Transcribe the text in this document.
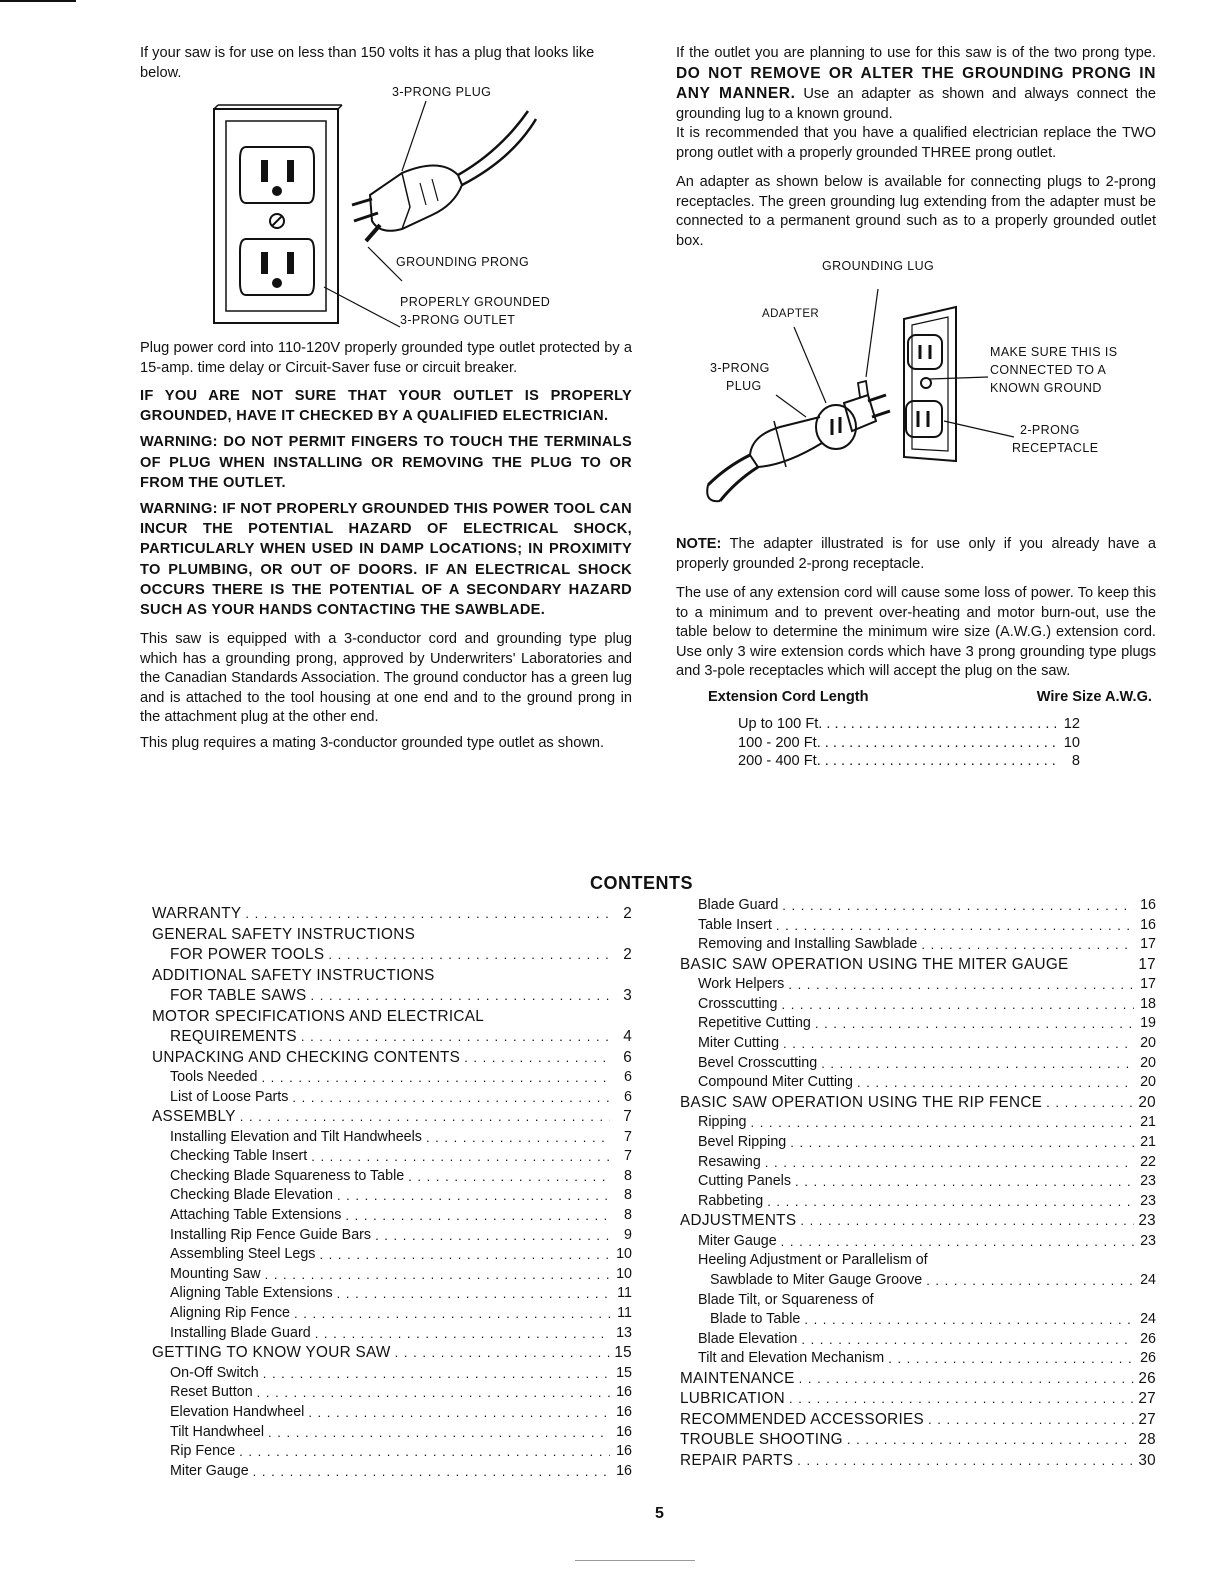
If your saw is for use on less than 150 volts it has a plug that looks like below.

3-PRONG PLUG
GROUNDING PRONG
PROPERLY GROUNDED
3-PRONG OUTLET

Plug power cord into 110-120V properly grounded type outlet protected by a 15-amp. time delay or Circuit-Saver fuse or circuit breaker.

IF YOU ARE NOT SURE THAT YOUR OUTLET IS PROPERLY GROUNDED, HAVE IT CHECKED BY A QUALIFIED ELECTRICIAN.

WARNING: DO NOT PERMIT FINGERS TO TOUCH THE TERMINALS OF PLUG WHEN INSTALLING OR REMOVING THE PLUG TO OR FROM THE OUTLET.

WARNING: IF NOT PROPERLY GROUNDED THIS POWER TOOL CAN INCUR THE POTENTIAL HAZARD OF ELECTRICAL SHOCK, PARTICULARLY WHEN USED IN DAMP LOCATIONS; IN PROXIMITY TO PLUMBING, OR OUT OF DOORS. IF AN ELECTRICAL SHOCK OCCURS THERE IS THE POTENTIAL OF A SECONDARY HAZARD SUCH AS YOUR HANDS CONTACTING THE SAWBLADE.

This saw is equipped with a 3-conductor cord and grounding type plug which has a grounding prong, approved by Underwriters' Laboratories and the Canadian Standards Association. The ground conductor has a green lug and is attached to the tool housing at one end and to the ground prong in the attachment plug at the other end.

This plug requires a mating 3-conductor grounded type outlet as shown.

If the outlet you are planning to use for this saw is of the two prong type. DO NOT REMOVE OR ALTER THE GROUNDING PRONG IN ANY MANNER. Use an adapter as shown and always connect the grounding lug to a known ground.

It is recommended that you have a qualified electrician replace the TWO prong outlet with a properly grounded THREE prong outlet.

An adapter as shown below is available for connecting plugs to 2-prong receptacles. The green grounding lug extending from the adapter must be connected to a permanent ground such as to a properly grounded outlet box.

GROUNDING LUG
ADAPTER
3-PRONG
PLUG
MAKE SURE THIS IS
CONNECTED TO A
KNOWN GROUND
2-PRONG
RECEPTACLE

NOTE: The adapter illustrated is for use only if you already have a properly grounded 2-prong receptacle.

The use of any extension cord will cause some loss of power. To keep this to a minimum and to prevent over-heating and motor burn-out, use the table below to determine the minimum wire size (A.W.G.) extension cord. Use only 3 wire extension cords which have 3 prong grounding type plugs and 3-pole receptacles which will accept the plug on the saw.

Extension Cord Length	Wire Size A.W.G.
Up to 100 Ft. . . .	12
100 - 200 Ft. . . .	10
200 - 400 Ft. . . .	8
CONTENTS
WARRANTY . . .	2
GENERAL SAFETY INSTRUCTIONS
FOR POWER TOOLS . . .	2
ADDITIONAL SAFETY INSTRUCTIONS
FOR TABLE SAWS . . .	3
MOTOR SPECIFICATIONS AND ELECTRICAL
REQUIREMENTS . . .	4
UNPACKING AND CHECKING CONTENTS . . .	6
Tools Needed . . .	6
List of Loose Parts . . .	6
ASSEMBLY . . .	7
Installing Elevation and Tilt Handwheels . . .	7
Checking Table Insert . . .	7
Checking Blade Squareness to Table . . .	8
Checking Blade Elevation . . .	8
Attaching Table Extensions . . .	8
Installing Rip Fence Guide Bars . . .	9
Assembling Steel Legs . . .	10
Mounting Saw . . .	10
Aligning Table Extensions . . .	11
Aligning Rip Fence . . .	11
Installing Blade Guard . . .	13
GETTING TO KNOW YOUR SAW . . .	15
On-Off Switch . . .	15
Reset Button . . .	16
Elevation Handwheel . . .	16
Tilt Handwheel . . .	16
Rip Fence . . .	16
Miter Gauge . . .	16
Blade Guard . . .	16
Table Insert . . .	16
Removing and Installing Sawblade . . .	17
BASIC SAW OPERATION USING THE MITER GAUGE	17
Work Helpers . . .	17
Crosscutting . . .	18
Repetitive Cutting . . .	19
Miter Cutting . . .	20
Bevel Crosscutting . . .	20
Compound Miter Cutting . . .	20
BASIC SAW OPERATION USING THE RIP FENCE . . .	20
Ripping . . .	21
Bevel Ripping . . .	21
Resawing . . .	22
Cutting Panels . . .	23
Rabbeting . . .	23
ADJUSTMENTS . . .	23
Miter Gauge . . .	23
Heeling Adjustment or Parallelism of
Sawblade to Miter Gauge Groove . . .	24
Blade Tilt, or Squareness of
Blade to Table . . .	24
Blade Elevation . . .	26
Tilt and Elevation Mechanism . . .	26
MAINTENANCE . . .	26
LUBRICATION . . .	27
RECOMMENDED ACCESSORIES . . .	27
TROUBLE SHOOTING . . .	28
REPAIR PARTS . . .	30
5
